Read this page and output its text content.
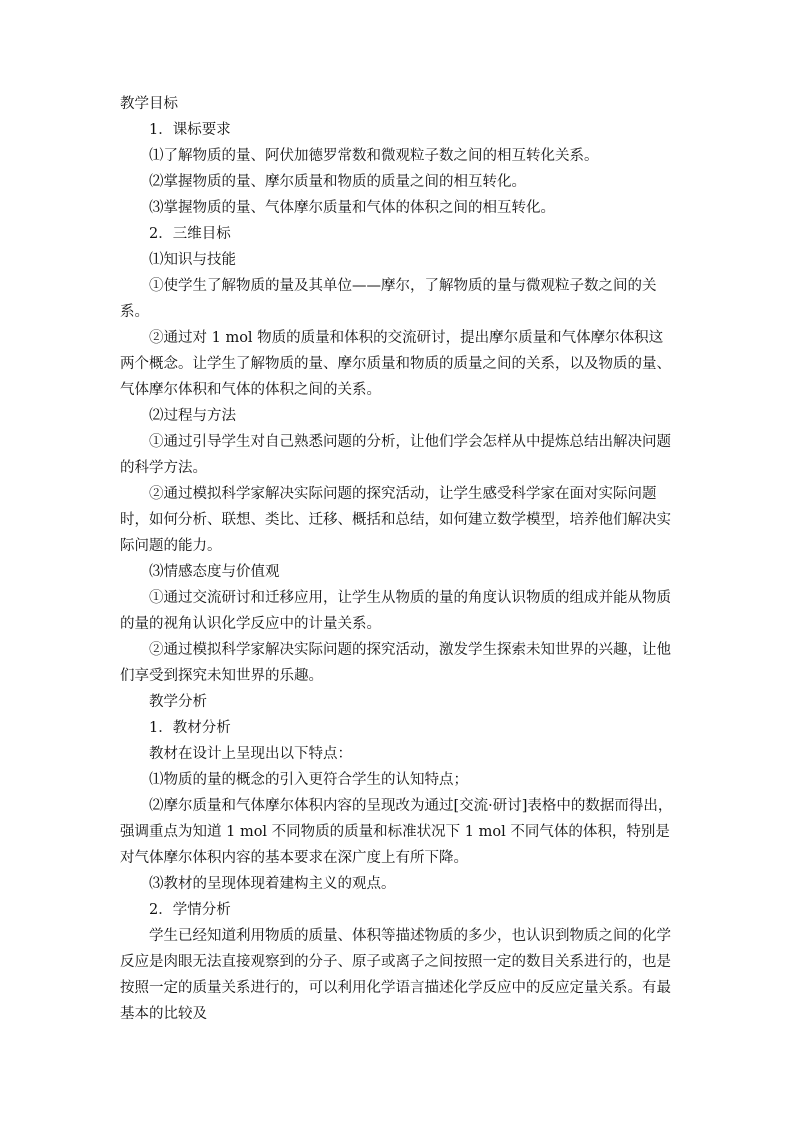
教学目标

1．课标要求

⑴了解物质的量、阿伏加德罗常数和微观粒子数之间的相互转化关系。

⑵掌握物质的量、摩尔质量和物质的质量之间的相互转化。

⑶掌握物质的量、气体摩尔质量和气体的体积之间的相互转化。

2．三维目标

⑴知识与技能

①使学生了解物质的量及其单位——摩尔，了解物质的量与微观粒子数之间的关系。

②通过对 1 mol 物质的质量和体积的交流研讨，提出摩尔质量和气体摩尔体积这两个概念。让学生了解物质的量、摩尔质量和物质的质量之间的关系，以及物质的量、气体摩尔体积和气体的体积之间的关系。

⑵过程与方法

①通过引导学生对自己熟悉问题的分析，让他们学会怎样从中提炼总结出解决问题的科学方法。

②通过模拟科学家解决实际问题的探究活动，让学生感受科学家在面对实际问题时，如何分析、联想、类比、迁移、概括和总结，如何建立数学模型，培养他们解决实际问题的能力。

⑶情感态度与价值观

①通过交流研讨和迁移应用，让学生从物质的量的角度认识物质的组成并能从物质的量的视角认识化学反应中的计量关系。

②通过模拟科学家解决实际问题的探究活动，激发学生探索未知世界的兴趣，让他们享受到探究未知世界的乐趣。

教学分析

1．教材分析

教材在设计上呈现出以下特点：

⑴物质的量的概念的引入更符合学生的认知特点；

⑵摩尔质量和气体摩尔体积内容的呈现改为通过[交流·研讨]表格中的数据而得出，强调重点为知道 1 mol 不同物质的质量和标准状况下 1 mol 不同气体的体积，特别是对气体摩尔体积内容的基本要求在深广度上有所下降。

⑶教材的呈现体现着建构主义的观点。

2．学情分析

学生已经知道利用物质的质量、体积等描述物质的多少，也认识到物质之间的化学反应是肉眼无法直接观察到的分子、原子或离子之间按照一定的数目关系进行的，也是按照一定的质量关系进行的，可以利用化学语言描述化学反应中的反应定量关系。有最基本的比较及
